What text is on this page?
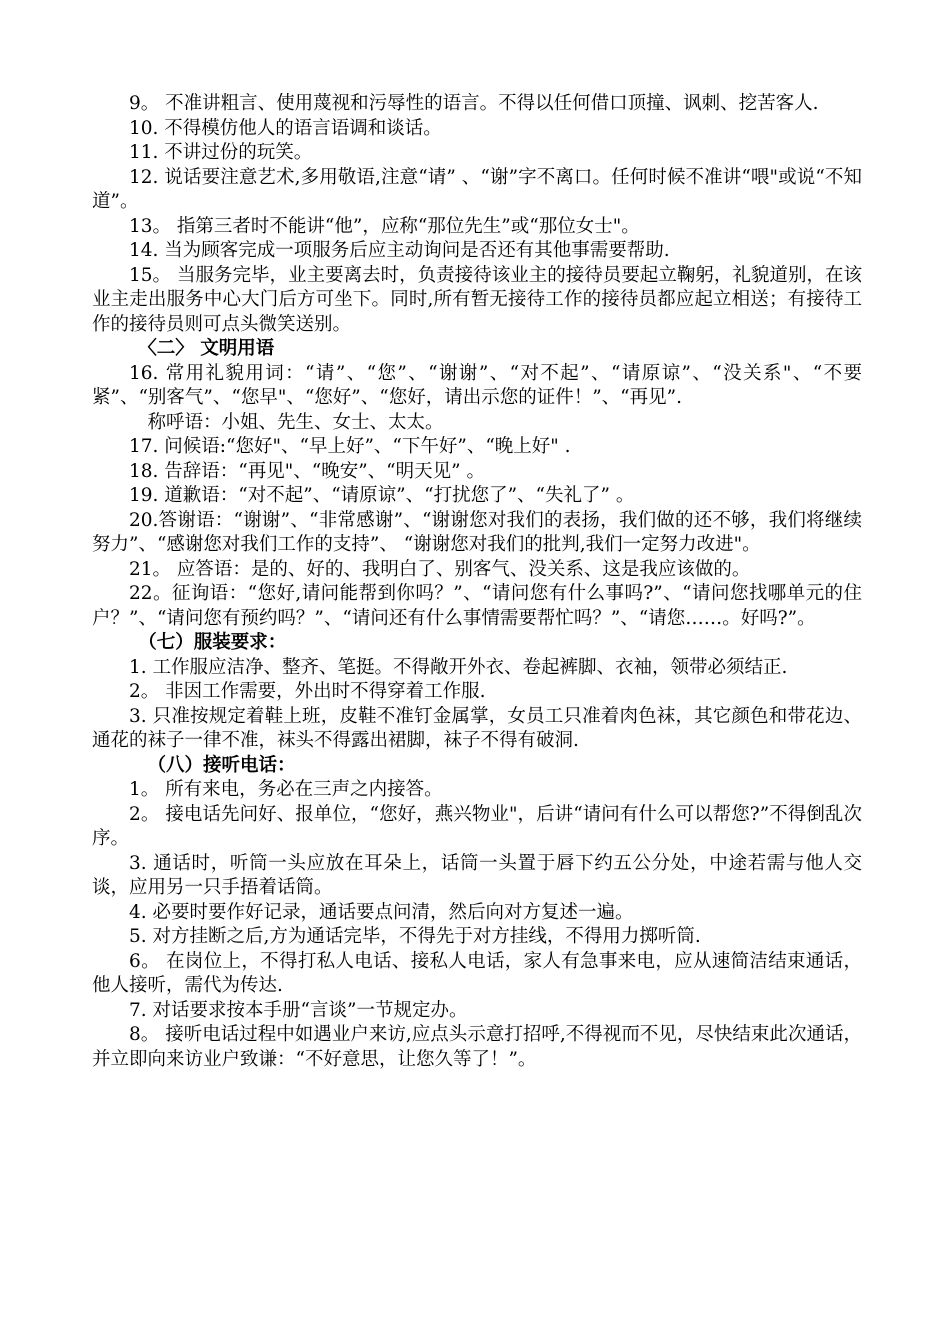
9。 不准讲粗言、使用蔑视和污辱性的语言。不得以任何借口顶撞、讽刺、挖苦客人.

10. 不得模仿他人的语言语调和谈话。

11. 不讲过份的玩笑。

12. 说话要注意艺术,多用敬语,注意“请” 、“谢”字不离口。任何时候不准讲“喂"或说“不知道”。

13。 指第三者时不能讲“他”，应称“那位先生”或“那位女士"。

14. 当为顾客完成一项服务后应主动询问是否还有其他事需要帮助.

15。 当服务完毕，业主要离去时，负责接待该业主的接待员要起立鞠躬，礼貌道别，在该业主走出服务中心大门后方可坐下。同时,所有暂无接待工作的接待员都应起立相送；有接待工作的接待员则可点头微笑送别。

〈二〉 文明用语

16. 常用礼貌用词：“请”、“您”、“谢谢”、“对不起”、“请原谅”、“没关系"、“不要紧”、“别客气”、“您早"、“您好”、“您好，请出示您的证件！”、“再见”.

称呼语：小姐、先生、女士、太太。

17. 问候语:“您好"、“早上好”、“下午好”、“晚上好" .

18. 告辞语：“再见"、“晚安”、“明天见” 。

19. 道歉语：“对不起”、“请原谅”、“打扰您了”、“失礼了” 。

20.答谢语：“谢谢”、“非常感谢”、“谢谢您对我们的表扬，我们做的还不够，我们将继续努力”、“感谢您对我们工作的支持”、 “谢谢您对我们的批判,我们一定努力改进"。

21。 应答语：是的、好的、我明白了、别客气、没关系、这是我应该做的。

22。征询语：“您好,请问能帮到你吗？”、“请问您有什么事吗?”、“请问您找哪单元的住户？”、“请问您有预约吗？”、“请问还有什么事情需要帮忙吗？”、“请您……。好吗?”。

（七）服装要求：

1. 工作服应洁净、整齐、笔挺。不得敞开外衣、卷起裤脚、衣袖，领带必须结正.

2。 非因工作需要，外出时不得穿着工作服.

3. 只准按规定着鞋上班，皮鞋不准钉金属掌，女员工只准着肉色袜，其它颜色和带花边、通花的袜子一律不准，袜头不得露出裙脚，袜子不得有破洞.

（八）接听电话：

1。 所有来电，务必在三声之内接答。

2。 接电话先问好、报单位，“您好，燕兴物业"，后讲“请问有什么可以帮您?”不得倒乱次序。

3. 通话时，听筒一头应放在耳朵上，话筒一头置于唇下约五公分处，中途若需与他人交谈，应用另一只手捂着话筒。

4. 必要时要作好记录，通话要点问清，然后向对方复述一遍。

5. 对方挂断之后,方为通话完毕，不得先于对方挂线，不得用力掷听筒.

6。 在岗位上，不得打私人电话、接私人电话，家人有急事来电，应从速简洁结束通话，他人接听，需代为传达.

7. 对话要求按本手册“言谈”一节规定办。

8。 接听电话过程中如遇业户来访,应点头示意打招呼,不得视而不见，尽快结束此次通话，并立即向来访业户致谦：“不好意思，让您久等了！”。
